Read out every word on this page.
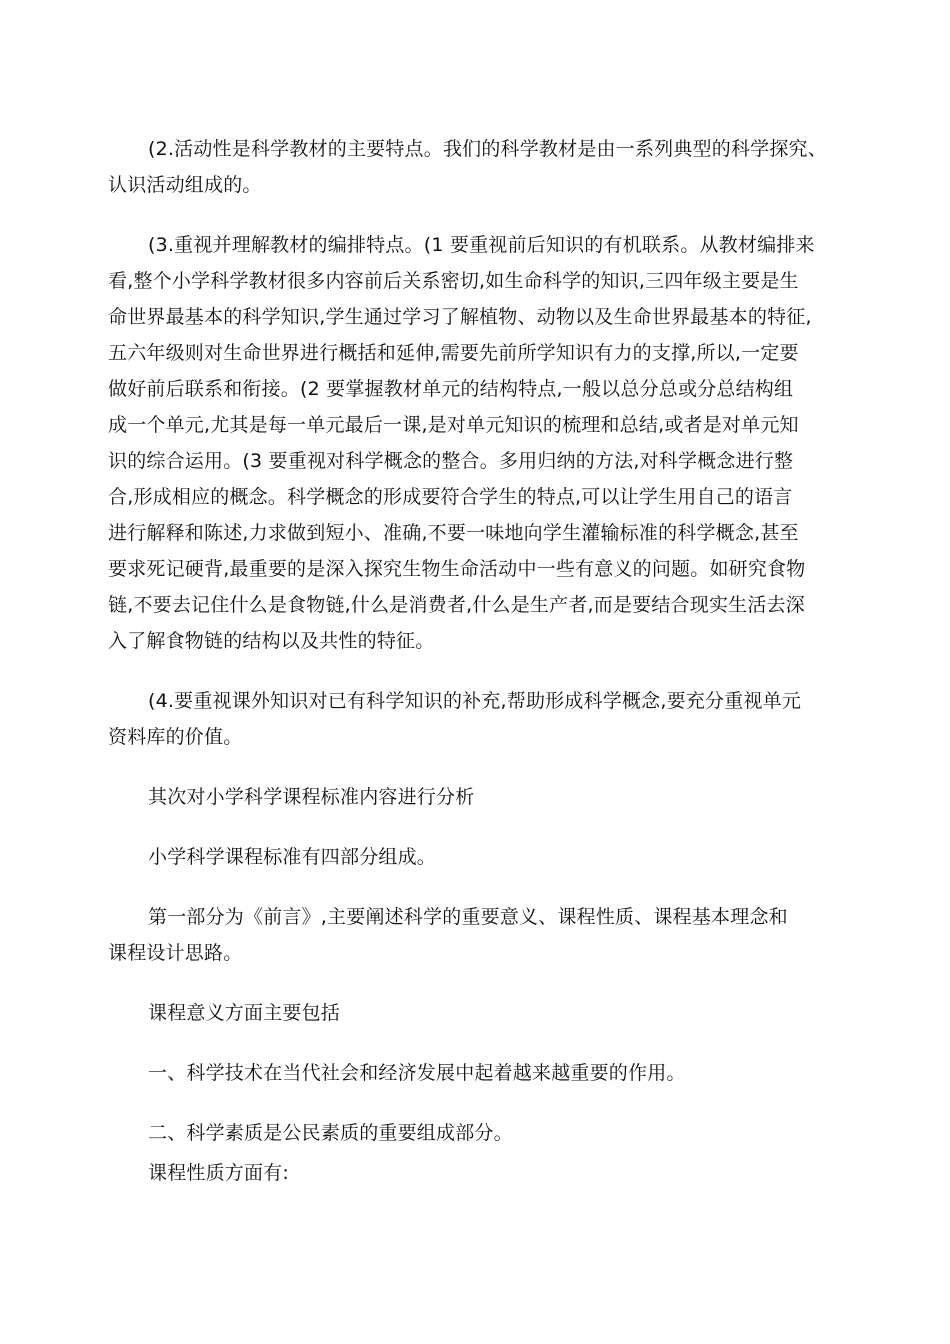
(2.活动性是科学教材的主要特点。我们的科学教材是由一系列典型的科学探究、
认识活动组成的。
(3.重视并理解教材的编排特点。(1 要重视前后知识的有机联系。从教材编排来
看,整个小学科学教材很多内容前后关系密切,如生命科学的知识,三四年级主要是生
命世界最基本的科学知识,学生通过学习了解植物、动物以及生命世界最基本的特征,
五六年级则对生命世界进行概括和延伸,需要先前所学知识有力的支撑,所以,一定要
做好前后联系和衔接。(2 要掌握教材单元的结构特点,一般以总分总或分总结构组
成一个单元,尤其是每一单元最后一课,是对单元知识的梳理和总结,或者是对单元知
识的综合运用。(3 要重视对科学概念的整合。多用归纳的方法,对科学概念进行整
合,形成相应的概念。科学概念的形成要符合学生的特点,可以让学生用自己的语言
进行解释和陈述,力求做到短小、准确,不要一味地向学生灌输标准的科学概念,甚至
要求死记硬背,最重要的是深入探究生物生命活动中一些有意义的问题。如研究食物
链,不要去记住什么是食物链,什么是消费者,什么是生产者,而是要结合现实生活去深
入了解食物链的结构以及共性的特征。
(4.要重视课外知识对已有科学知识的补充,帮助形成科学概念,要充分重视单元
资料库的价值。
其次对小学科学课程标准内容进行分析
小学科学课程标准有四部分组成。
第一部分为《前言》,主要阐述科学的重要意义、课程性质、课程基本理念和
课程设计思路。
课程意义方面主要包括
一、科学技术在当代社会和经济发展中起着越来越重要的作用。
二、科学素质是公民素质的重要组成部分。
课程性质方面有:
